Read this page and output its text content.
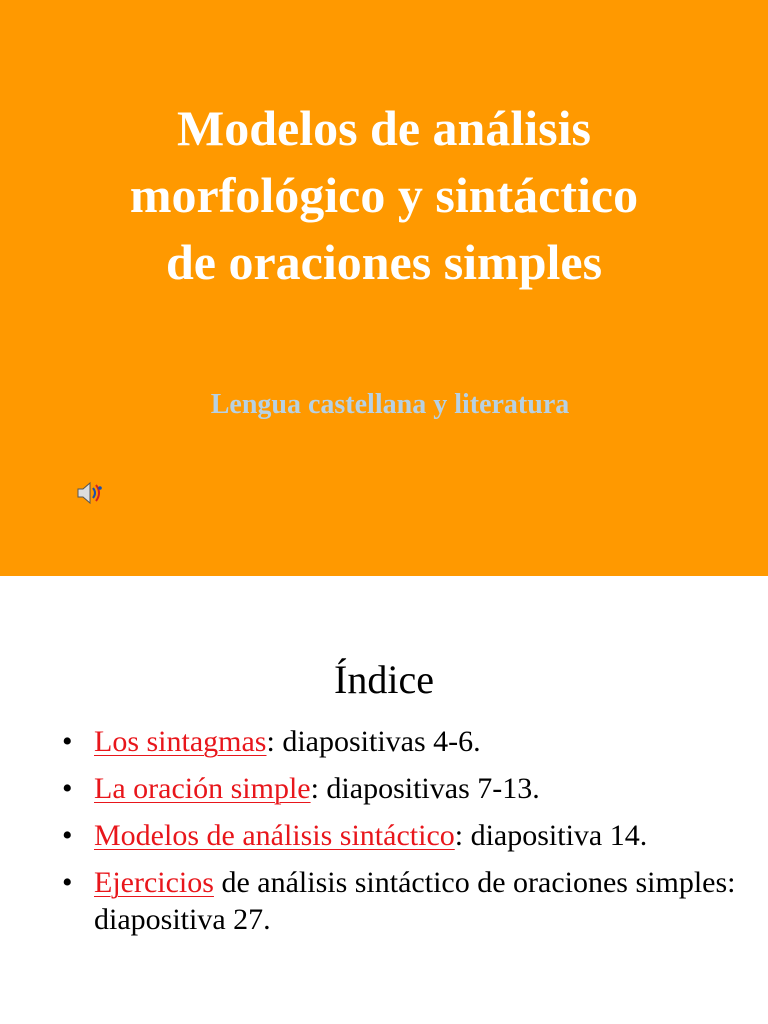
Modelos de análisis
morfológico y sintáctico
de oraciones simples
Lengua castellana y literatura
Índice
• Los sintagmas: diapositivas 4-6.
• La oración simple: diapositivas 7-13.
• Modelos de análisis sintáctico: diapositiva 14.
• Ejercicios de análisis sintáctico de oraciones simples: diapositiva 27.
